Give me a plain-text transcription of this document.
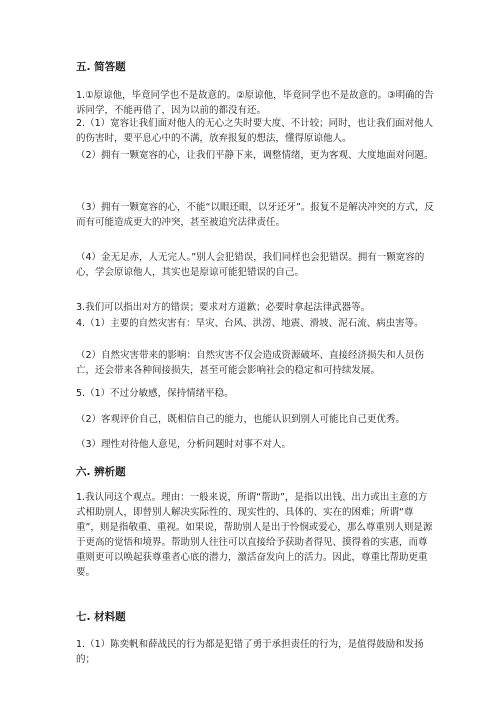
五. 简答题

1.①原谅他，毕竟同学也不是故意的。②原谅他，毕竟同学也不是故意的。③明确的告诉同学，不能再借了，因为以前的都没有还。

2.（1）宽容让我们面对他人的无心之失时要大度、不计较；同时，也让我们面对他人的伤害时，要平息心中的不满，放弃报复的想法，懂得原谅他人。

（2）拥有一颗宽容的心，让我们平静下来，调整情绪，更为客观、大度地面对问题。

（3）拥有一颗宽容的心，不能“以眼还眼，以牙还牙”。报复不是解决冲突的方式，反而有可能造成更大的冲突，甚至被追究法律责任。

（4）金无足赤，人无完人。”别人会犯错误，我们同样也会犯错误。拥有一颗宽容的心，学会原谅他人，其实也是原谅可能犯错误的自己。

3.我们可以指出对方的错误；要求对方道歉；必要时拿起法律武器等。

4.（1）主要的自然灾害有：旱灾、台风、洪涝、地震、滑坡、泥石流、病虫害等。

（2）自然灾害带来的影响：自然灾害不仅会造成资源破坏、直接经济损失和人员伤亡，还会带来各种间接损失，甚至可能会影响社会的稳定和可持续发展。

5.（1）不过分敏感，保持情绪平稳。

（2）客观评价自己，既相信自己的能力，也能认识到别人可能比自己更优秀。

（3）理性对待他人意见，分析问题时对事不对人。

六. 辨析题

1.我认同这个观点。理由：一般来说，所谓“帮助”，是指以出钱、出力或出主意的方式相助别人，即替别人解决实际性的、现实性的、具体的、实在的困难；所谓“尊重”，则是指敬重、重视。如果说，帮助别人是出于怜悯或爱心，那么尊重别人则是源于更高的觉悟和境界。帮助别人往往可以直接给予获助者得见、摸得着的实惠，而尊重则更可以唤起获尊重者心底的潜力，激活奋发向上的活力。因此，尊重比帮助更重要。

七. 材料题

1.（1）陈奕帆和薛战民的行为都是犯错了勇于承担责任的行为，是值得鼓励和发扬的；
